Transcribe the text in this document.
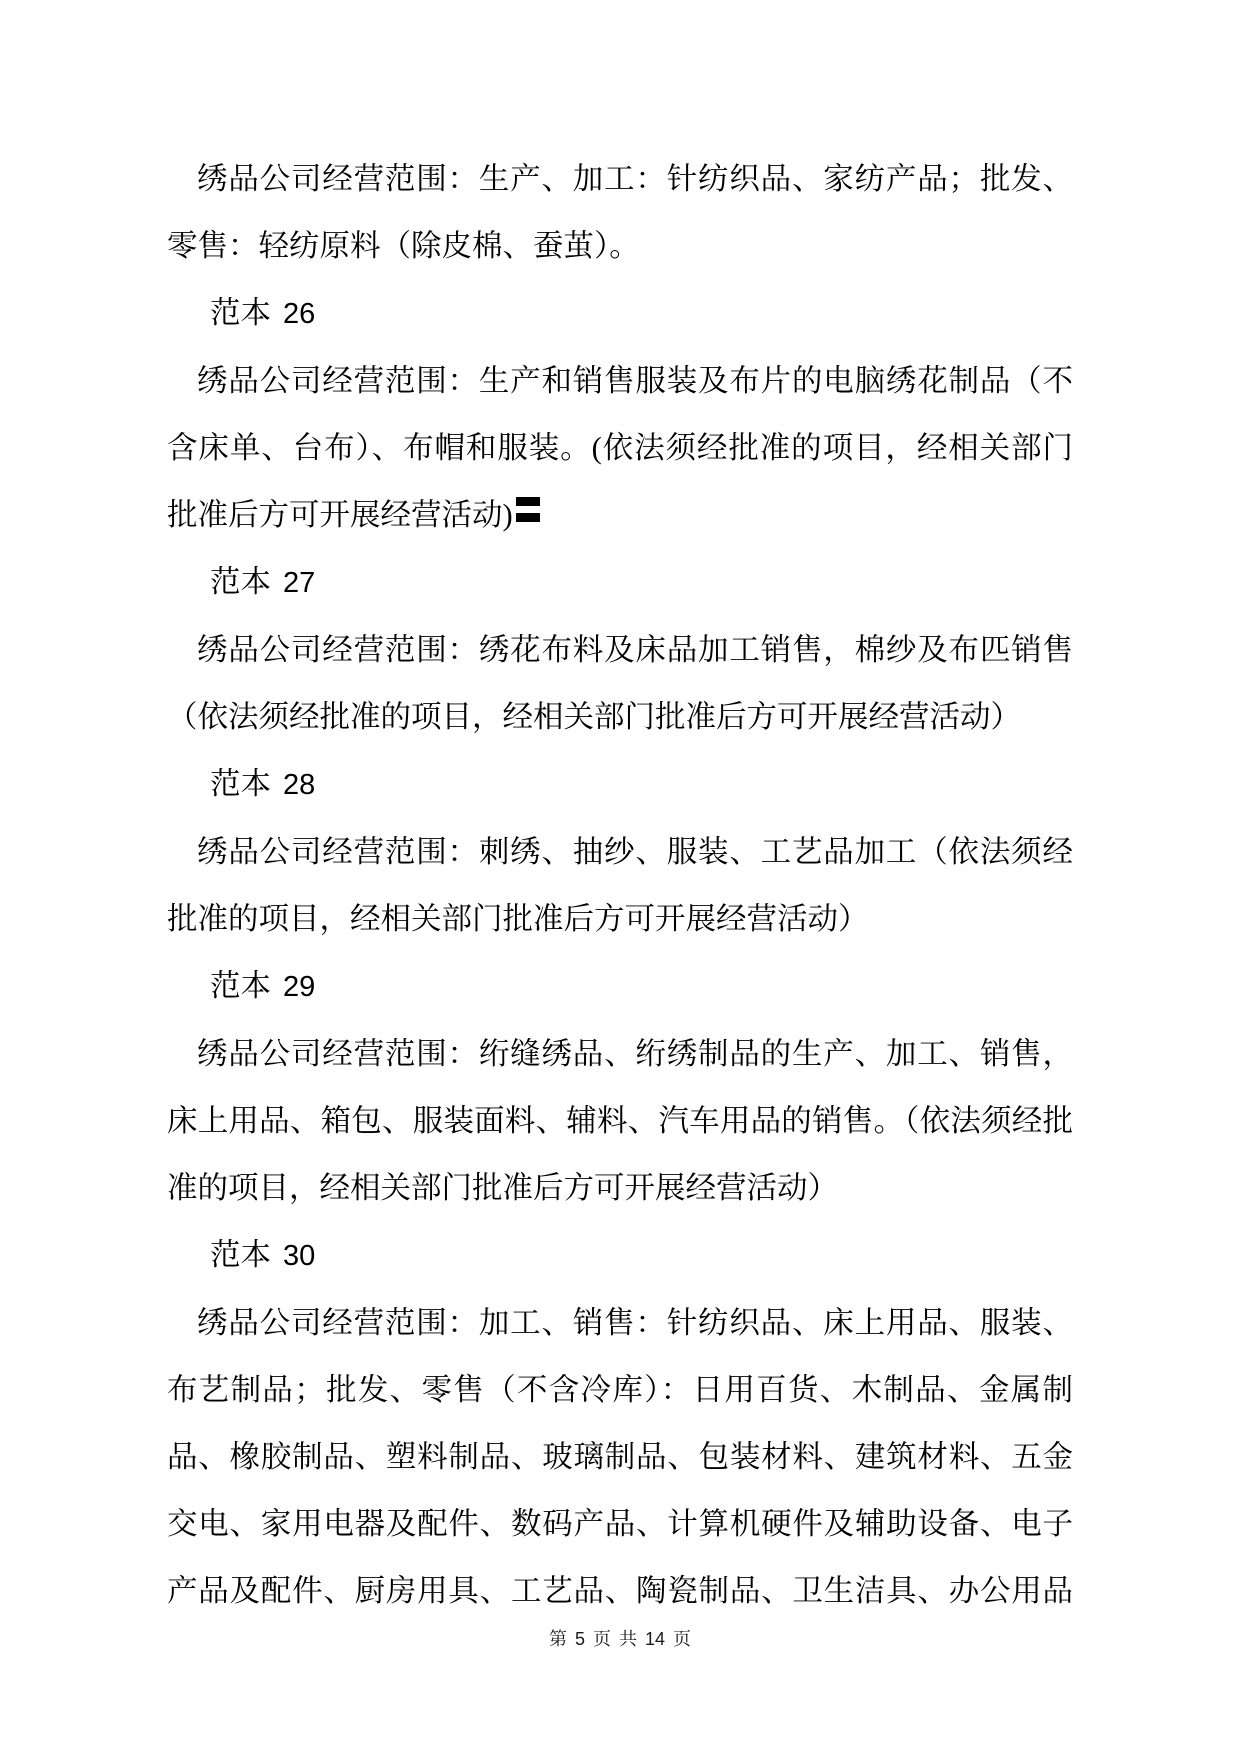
绣品公司经营范围：生产、加工：针纺织品、家纺产品；批发、零售：轻纺原料（除皮棉、蚕茧）。

范本 26

绣品公司经营范围：生产和销售服装及布片的电脑绣花制品（不含床单、台布）、布帽和服装。(依法须经批准的项目，经相关部门批准后方可开展经营活动)

范本 27

绣品公司经营范围：绣花布料及床品加工销售，棉纱及布匹销售（依法须经批准的项目，经相关部门批准后方可开展经营活动）

范本 28

绣品公司经营范围：刺绣、抽纱、服装、工艺品加工（依法须经批准的项目，经相关部门批准后方可开展经营活动）

范本 29

绣品公司经营范围：绗缝绣品、绗绣制品的生产、加工、销售，床上用品、箱包、服装面料、辅料、汽车用品的销售。（依法须经批准的项目，经相关部门批准后方可开展经营活动）

范本 30

绣品公司经营范围：加工、销售：针纺织品、床上用品、服装、布艺制品；批发、零售（不含冷库）：日用百货、木制品、金属制品、橡胶制品、塑料制品、玻璃制品、包装材料、建筑材料、五金交电、家用电器及配件、数码产品、计算机硬件及辅助设备、电子产品及配件、厨房用具、工艺品、陶瓷制品、卫生洁具、办公用品

第 5 页 共 14 页
